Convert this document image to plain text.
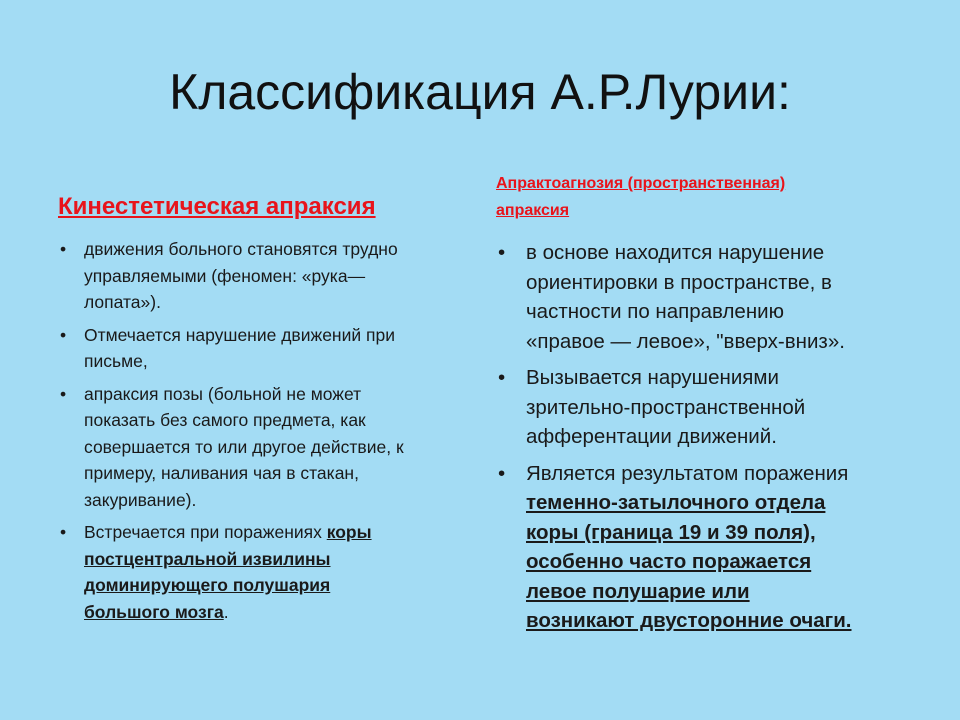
Классификация А.Р.Лурии:
Кинестетическая апраксия
• движения больного становятся трудно
управляемыми (феномен: «рука—
лопата»).
• Отмечается нарушение движений при
письме,
• апраксия позы (больной не может
показать без самого предмета, как
совершается то или другое действие, к
примеру, наливания чая в стакан,
закуривание).
• Встречается при поражениях коры
постцентральной извилины
доминирующего полушария
большого мозга.
Апрактоагнозия (пространственная)
апраксия
• в основе находится нарушение
ориентировки в пространстве, в
частности по направлению
«правое — левое», "вверх-вниз».
• Вызывается нарушениями
зрительно-пространственной
афферентации движений.
• Является результатом поражения
теменно-затылочного отдела
коры (граница 19 и 39 поля),
особенно часто поражается
левое полушарие или
возникают двусторонние очаги.
